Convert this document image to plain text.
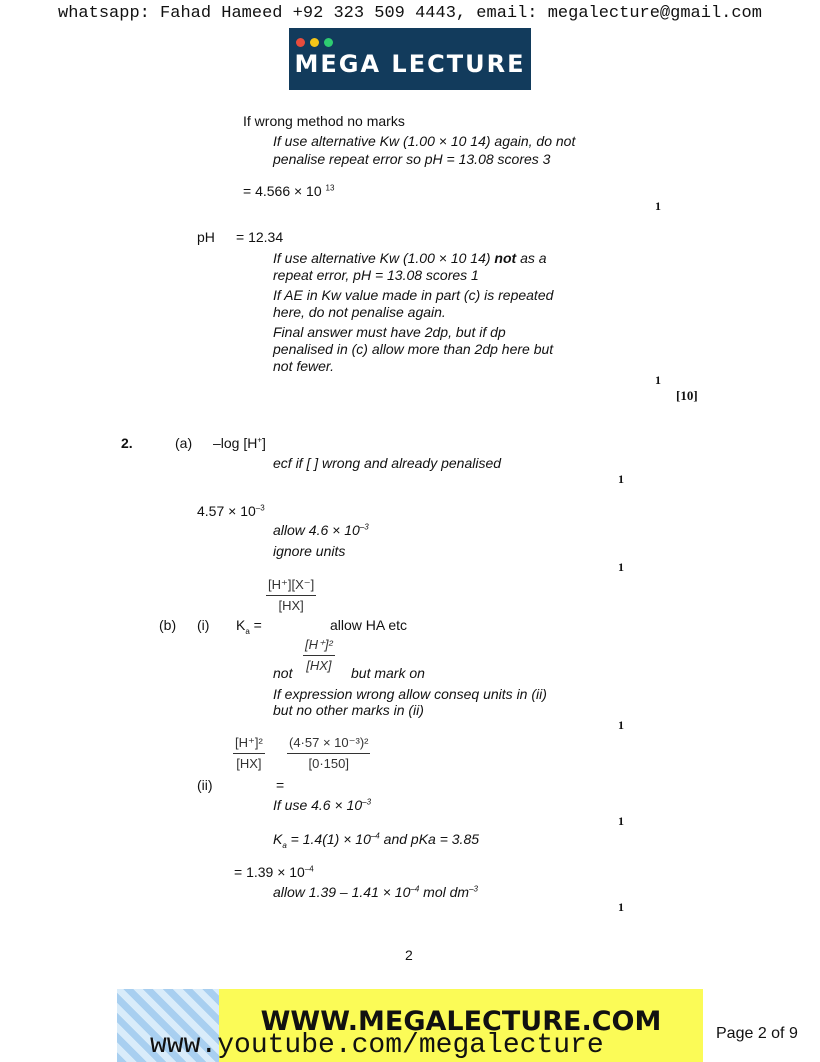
whatsapp: Fahad Hameed +92 323 509 4443, email: megalecture@gmail.com
MEGA LECTURE
If wrong method no marks
If use alternative Kw (1.00 × 10 14) again, do not
penalise repeat error so pH = 13.08 scores 3
= 4.566 × 10 $^{13}$
1
pH = 12.34
If use alternative Kw (1.00 × 10 14) not as a
repeat error, pH = 13.08 scores 1
If AE in Kw value made in part (c) is repeated
here, do not penalise again.
Final answer must have 2dp, but if dp
penalised in (c) allow more than 2dp here but
not fewer.
1
[10]
2.	(a) –log [H+]
ecf if [ ] wrong and already penalised
1
$4.57 \times 10^{-3}$
allow $4.6 \times 10^{-3}$
ignore units
1
$\frac{[H^+][X^-]}{[HX]}$
(b) (i) $K_a$ =	allow HA etc
$\frac{\text{[H⁺]²}}{[HX]}$
not	but mark on
If expression wrong allow conseq units in (ii)
but no other marks in (ii)
1
$\frac{\text{[H⁺]²}}{[HX]} \frac{\text{(4·57 × 10⁻³)²}}{[0\cdot 150]}$
(ii)	=
If use $4.6 \times 10^{-3}$
1
$K_a = 1.4(1) \times 10^{-4}$ and pKa = 3.85
= $1.39 \times 10^{-4}$
allow $1.39 - 1.41 \times 10^{-4}$ mol $dm^{-3}$
1
2
WWW.MEGALECTURE.COM
www.youtube.com/megalecture	Page 2 of 9
